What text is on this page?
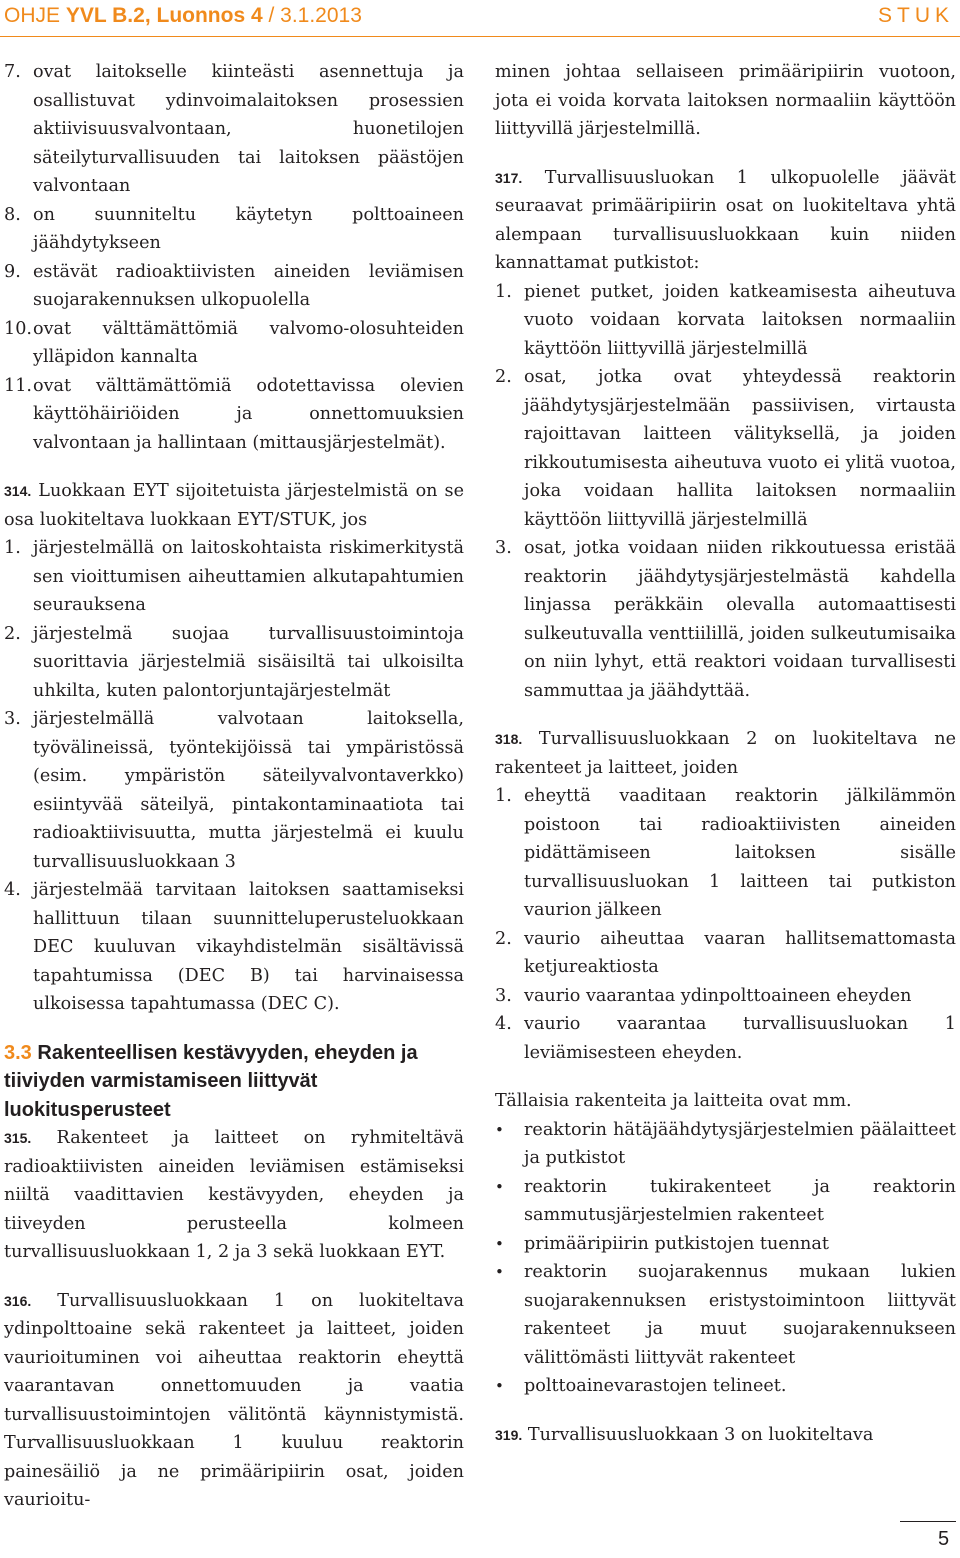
OHJE YVL B.2, Luonnos 4 / 3.1.2013	STUK
7. ovat laitokselle kiinteästi asennettuja ja osallistuvat ydinvoimalaitoksen prosessien aktiivisuusvalvontaan, huonetilojen säteilyturvallisuuden tai laitoksen päästöjen valvontaan
8. on suunniteltu käytetyn polttoaineen jäähdytykseen
9. estävät radioaktiivisten aineiden leviämisen suojarakennuksen ulkopuolella
10. ovat välttämättömiä valvomo-olosuhteiden ylläpidon kannalta
11. ovat välttämättömiä odotettavissa olevien käyttöhäiriöiden ja onnettomuuksien valvontaan ja hallintaan (mittausjärjestelmät).

314. Luokkaan EYT sijoitetuista järjestelmistä on se osa luokiteltava luokkaan EYT/STUK, jos

1. järjestelmällä on laitoskohtaista riskimerkitystä sen vioittumisen aiheuttamien alkutapahtumien seurauksena
2. järjestelmä suojaa turvallisuustoimintoja suorittavia järjestelmiä sisäisiltä tai ulkoisilta uhkilta, kuten palontorjuntajärjestelmät
3. järjestelmällä valvotaan laitoksella, työvälineissä, työntekijöissä tai ympäristössä (esim. ympäristön säteilyvalvontaverkko) esiintyvää säteilyä, pintakontaminaatiota tai radioaktiivisuutta, mutta järjestelmä ei kuulu turvallisuusluokkaan 3
4. järjestelmää tarvitaan laitoksen saattamiseksi hallittuun tilaan suunnitteluperusteluokkaan DEC kuuluvan vikayhdistelmän sisältävissä tapahtumissa (DEC B) tai harvinaisessa ulkoisessa tapahtumassa (DEC C).
3.3 Rakenteellisen kestävyyden, eheyden ja tiiviyden varmistamiseen liittyvät luokitusperusteet

315. Rakenteet ja laitteet on ryhmiteltävä radioaktiivisten aineiden leviämisen estämiseksi niiltä vaadittavien kestävyyden, eheyden ja tiiveyden perusteella kolmeen turvallisuusluokkaan 1, 2 ja 3 sekä luokkaan EYT.

316. Turvallisuusluokkaan 1 on luokiteltava ydinpolttoaine sekä rakenteet ja laitteet, joiden vaurioituminen voi aiheuttaa reaktorin eheyttä vaarantavan onnettomuuden ja vaatia turvallisuustoimintojen välitöntä käynnistymistä. Turvallisuusluokkaan 1 kuuluu reaktorin painesäiliö ja ne primääripiirin osat, joiden vaurioitu-

minen johtaa sellaiseen primääripiirin vuotoon, jota ei voida korvata laitoksen normaaliin käyttöön liittyvillä järjestelmillä.

317. Turvallisuusluokan 1 ulkopuolelle jäävät seuraavat primääripiirin osat on luokiteltava yhtä alempaan turvallisuusluokkaan kuin niiden kannattamat putkistot:

1. pienet putket, joiden katkeamisesta aiheutuva vuoto voidaan korvata laitoksen normaaliin käyttöön liittyvillä järjestelmillä
2. osat, jotka ovat yhteydessä reaktorin jäähdytysjärjestelmään passiivisen, virtausta rajoittavan laitteen välityksellä, ja joiden rikkoutumisesta aiheutuva vuoto ei ylitä vuotoa, joka voidaan hallita laitoksen normaaliin käyttöön liittyvillä järjestelmillä
3. osat, jotka voidaan niiden rikkoutuessa eristää reaktorin jäähdytysjärjestelmästä kahdella linjassa peräkkäin olevalla automaattisesti sulkeutuvalla venttiilillä, joiden sulkeutumisaika on niin lyhyt, että reaktori voidaan turvallisesti sammuttaa ja jäähdyttää.

318. Turvallisuusluokkaan 2 on luokiteltava ne rakenteet ja laitteet, joiden

1. eheyttä vaaditaan reaktorin jälkilämmön poistoon tai radioaktiivisten aineiden pidättämiseen laitoksen sisälle turvallisuusluokan 1 laitteen tai putkiston vaurion jälkeen
2. vaurio aiheuttaa vaaran hallitsemattomasta ketjureaktiosta
3. vaurio vaarantaa ydinpolttoaineen eheyden
4. vaurio vaarantaa turvallisuusluokan 1 leviämisesteen eheyden.

Tällaisia rakenteita ja laitteita ovat mm.

• reaktorin hätäjäähdytysjärjestelmien päälaitteet ja putkistot
• reaktorin tukirakenteet ja reaktorin sammutusjärjestelmien rakenteet
• primääripiirin putkistojen tuennat
• reaktorin suojarakennus mukaan lukien suojarakennuksen eristystoimintoon liittyvät rakenteet ja muut suojarakennukseen välittömästi liittyvät rakenteet
• polttoainevarastojen telineet.

319. Turvallisuusluokkaan 3 on luokiteltava

5
